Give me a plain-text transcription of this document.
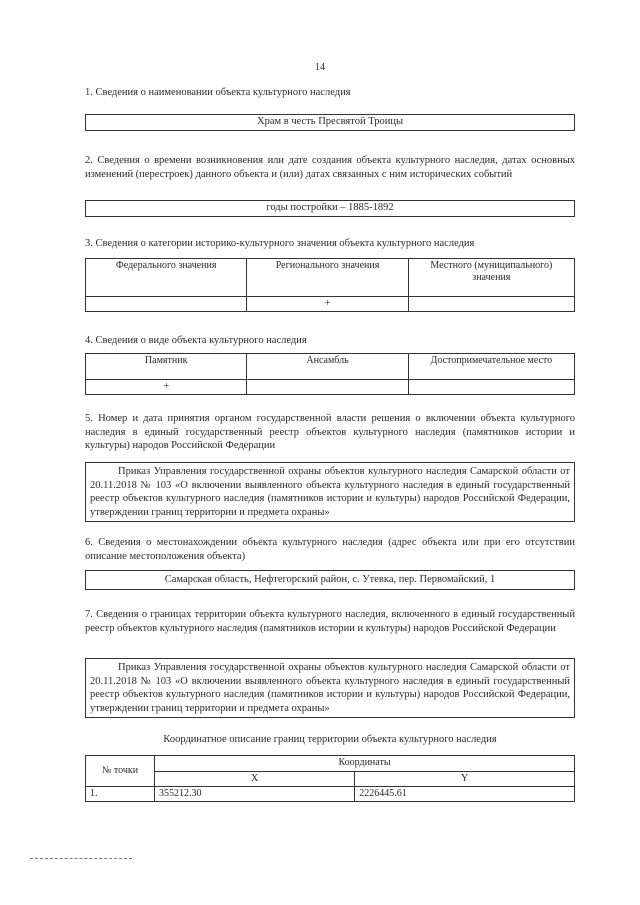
14

1. Сведения о наименовании объекта культурного наследия

Храм в честь Пресвятой Троицы

2. Сведения о времени возникновения или дате создания объекта культурного наследия, датах основных изменений (перестроек) данного объекта и (или) датах связанных с ним исторических событий

годы постройки – 1885-1892

3. Сведения о категории историко-культурного значения объекта культурного наследия

Федерального значения	Регионального значения	Местного (муниципального) значения
	+	

4. Сведения о виде объекта культурного наследия

Памятник	Ансамбль	Достопримечательное место
+		

5. Номер и дата принятия органом государственной власти решения о включении объекта культурного наследия в единый государственный реестр объектов культурного наследия (памятников истории и культуры) народов Российской Федерации

Приказ Управления государственной охраны объектов культурного наследия Самарской области от 20.11.2018 № 103 «О включении выявленного объекта культурного наследия в единый государственный реестр объектов культурного наследия (памятников истории и культуры) народов Российской Федерации, утверждении границ территории и предмета охраны»

6. Сведения о местонахождении объекта культурного наследия (адрес объекта или при его отсутствии описание местоположения объекта)

Самарская область, Нефтегорский район, с. Утевка, пер. Первомайский, 1

7. Сведения о границах территории объекта культурного наследия, включенного в единый государственный реестр объектов культурного наследия (памятников истории и культуры) народов Российской Федерации

Приказ Управления государственной охраны объектов культурного наследия Самарской области от 20.11.2018 № 103 «О включении выявленного объекта культурного наследия в единый государственный реестр объектов культурного наследия (памятников истории и культуры) народов Российской Федерации, утверждении границ территории и предмета охраны»

Координатное описание границ территории объекта культурного наследия

№ точки	Координаты	
	X	Y
1.	355212.30	2226445.61
